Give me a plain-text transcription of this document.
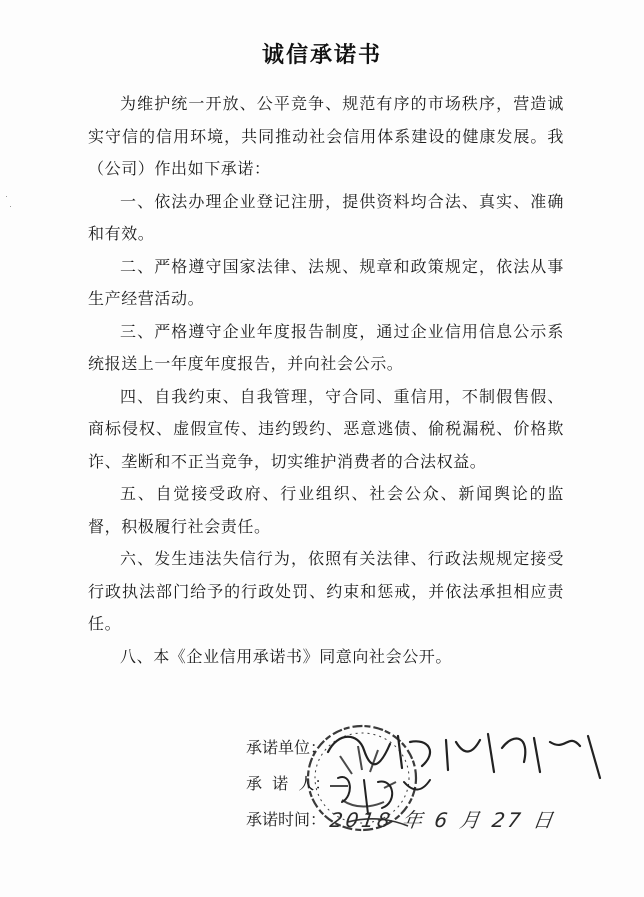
诚信承诺书

为维护统一开放、公平竞争、规范有序的市场秩序，营造诚实守信的信用环境，共同推动社会信用体系建设的健康发展。我（公司）作出如下承诺：

一、依法办理企业登记注册，提供资料均合法、真实、准确和有效。

二、严格遵守国家法律、法规、规章和政策规定，依法从事生产经营活动。

三、严格遵守企业年度报告制度，通过企业信用信息公示系统报送上一年度年度报告，并向社会公示。

四、自我约束、自我管理，守合同、重信用，不制假售假、商标侵权、虚假宣传、违约毁约、恶意逃债、偷税漏税、价格欺诈、垄断和不正当竞争，切实维护消费者的合法权益。

五、自觉接受政府、行业组织、社会公众、新闻舆论的监督，积极履行社会责任。

六、发生违法失信行为，依照有关法律、行政法规规定接受行政执法部门给予的行政处罚、约束和惩戒，并依法承担相应责任。

八、本《企业信用承诺书》同意向社会公开。

承诺单位：
承  诺  人：
承诺时间： 2018 年 6 月 27 日
